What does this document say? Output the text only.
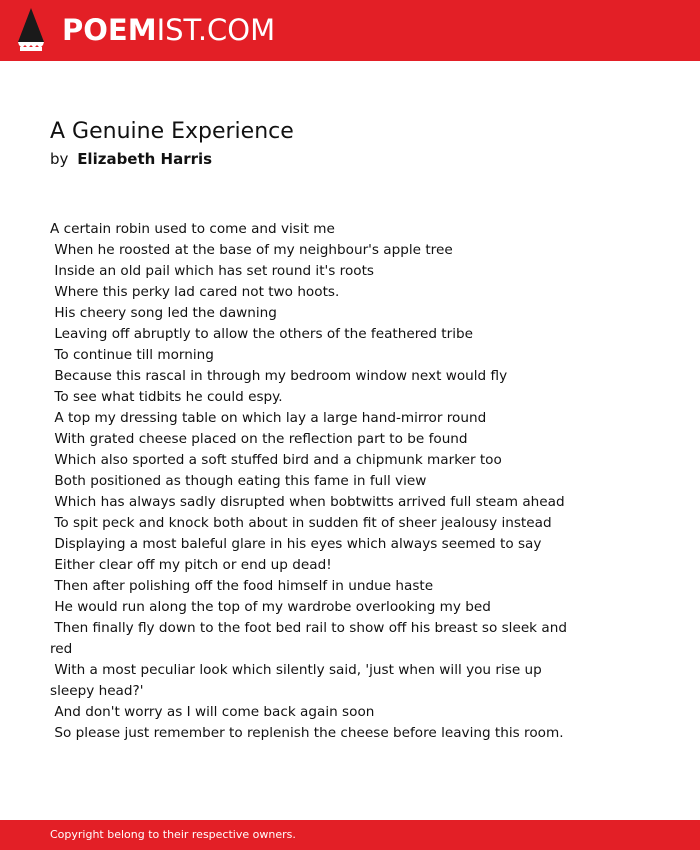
POEMIST.COM
A Genuine Experience
by Elizabeth Harris
A certain robin used to come and visit me
When he roosted at the base of my neighbour's apple tree
Inside an old pail which has set round it's roots
Where this perky lad cared not two hoots.
His cheery song led the dawning
Leaving off abruptly to allow the others of the feathered tribe
To continue till morning
Because this rascal in through my bedroom window next would fly
To see what tidbits he could espy.
A top my dressing table on which lay a large hand-mirror round
With grated cheese placed on the reflection part to be found
Which also sported a soft stuffed bird and a chipmunk marker too
Both positioned as though eating this fame in full view
Which has always sadly disrupted when bobtwitts arrived full steam ahead
To spit peck and knock both about in sudden fit of sheer jealousy instead
Displaying a most baleful glare in his eyes which always seemed to say
Either clear off my pitch or end up dead!
Then after polishing off the food himself in undue haste
He would run along the top of my wardrobe overlooking my bed
Then finally fly down to the foot bed rail to show off his breast so sleek and red
With a most peculiar look which silently said, 'just when will you rise up sleepy head?'
And don't worry as I will come back again soon
So please just remember to replenish the cheese before leaving this room.
Copyright belong to their respective owners.
